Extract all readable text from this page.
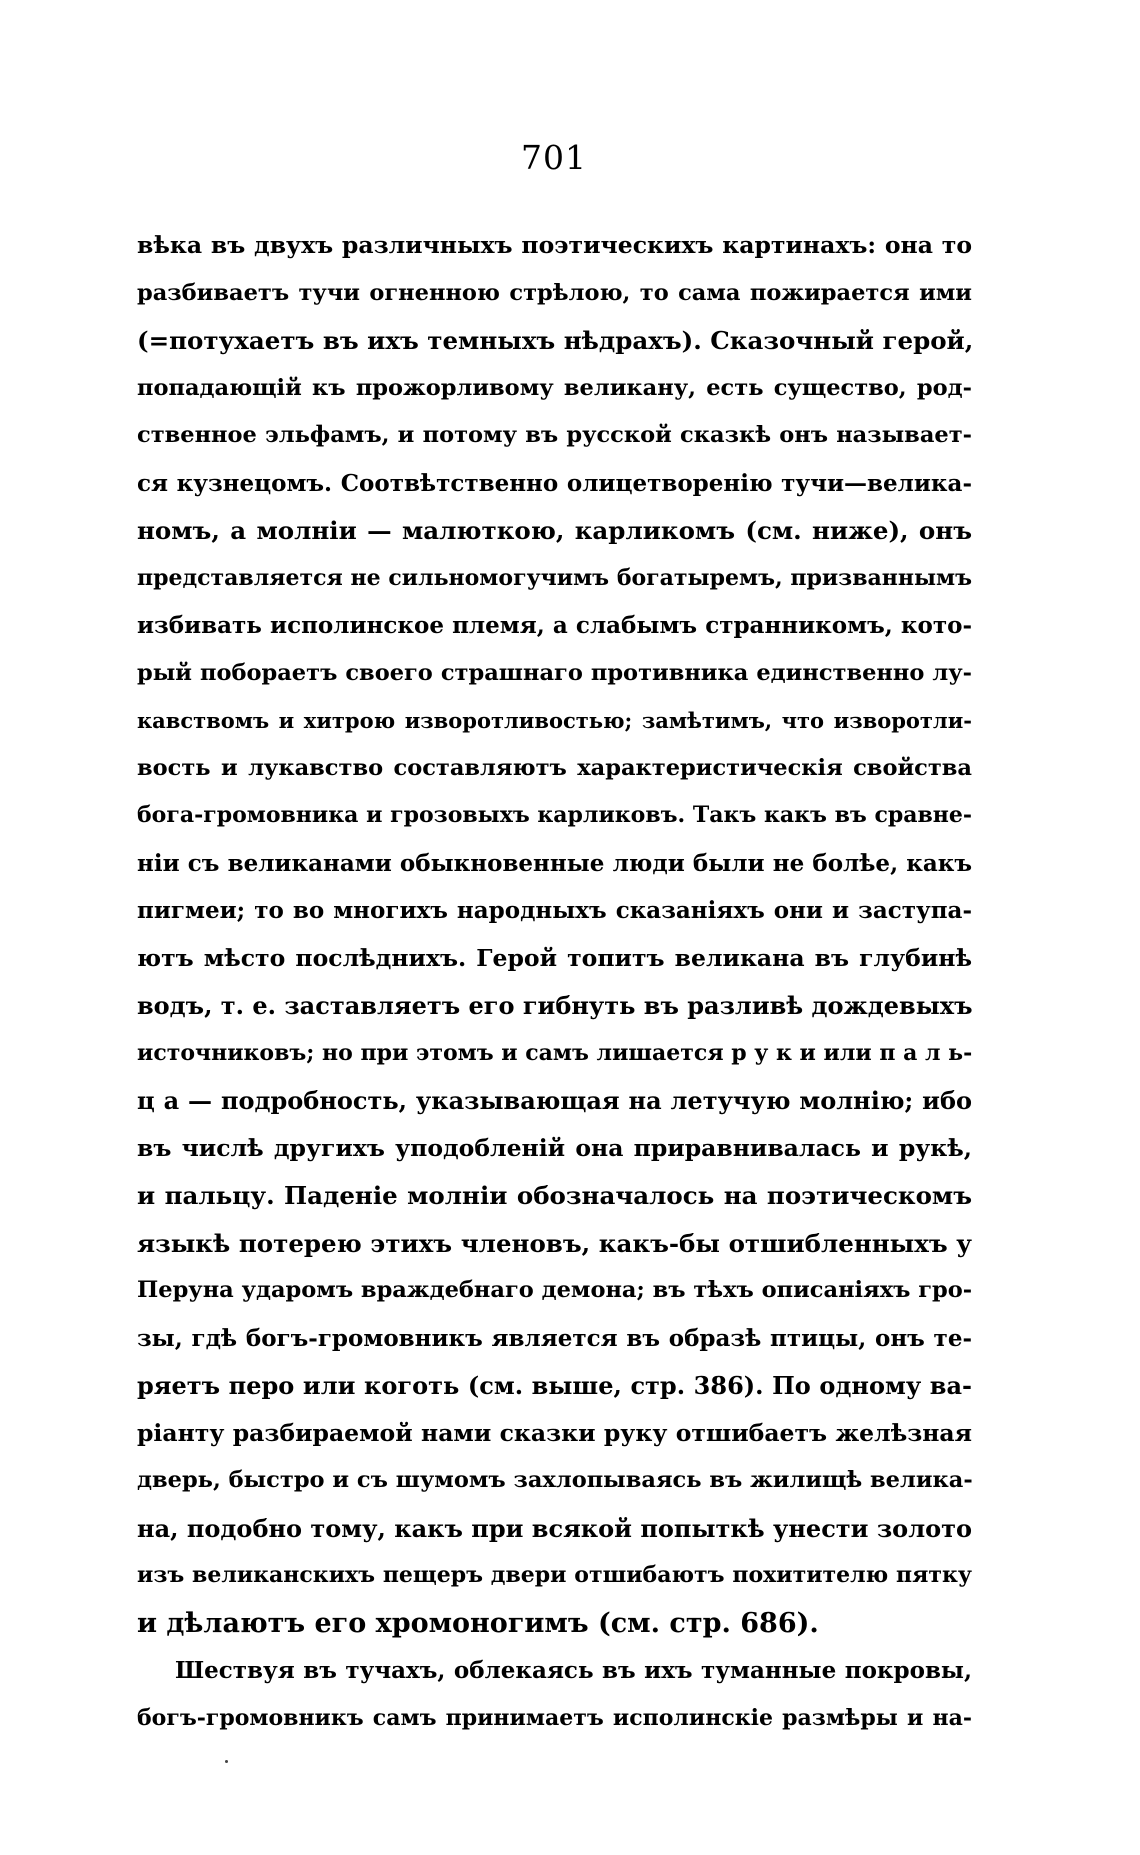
701
вѣка въ двухъ различныхъ поэтическихъ картинахъ: она то
разбиваетъ тучи огненною стрѣлою, то сама пожирается ими
(=потухаетъ въ ихъ темныхъ нѣдрахъ). Сказочный герой,
попадающій къ прожорливому великану, есть существо, род-
ственное эльфамъ, и потому въ русской сказкѣ онъ называет-
ся кузнецомъ. Соотвѣтственно олицетворенію тучи—велика-
номъ, а молніи — малюткою, карликомъ (см. ниже), онъ
представляется не сильномогучимъ богатыремъ, призваннымъ
избивать исполинское племя, а слабымъ странникомъ, кото-
рый побораетъ своего страшнаго противника единственно лу-
кавствомъ и хитрою изворотливостью; замѣтимъ, что изворотли-
вость и лукавство составляютъ характеристическія свойства
бога-громовника и грозовыхъ карликовъ. Такъ какъ въ сравне-
ніи съ великанами обыкновенные люди были не болѣе, какъ
пигмеи; то во многихъ народныхъ сказаніяхъ они и заступа-
ютъ мѣсто послѣднихъ. Герой топитъ великана въ глубинѣ
водъ, т. е. заставляетъ его гибнуть въ разливѣ дождевыхъ
источниковъ; но при этомъ и самъ лишается р у к и или п а л ь-
ц а — подробность, указывающая на летучую молнію; ибо
въ числѣ другихъ уподобленій она приравнивалась и рукѣ,
и пальцу. Паденіе молніи обозначалось на поэтическомъ
языкѣ потерею этихъ членовъ, какъ-бы отшибленныхъ у
Перуна ударомъ враждебнаго демона; въ тѣхъ описаніяхъ гро-
зы, гдѣ богъ-громовникъ является въ образѣ птицы, онъ те-
ряетъ перо или коготь (см. выше, стр. 386). По одному ва-
ріанту разбираемой нами сказки руку отшибаетъ желѣзная
дверь, быстро и съ шумомъ захлопываясь въ жилищѣ велика-
на, подобно тому, какъ при всякой попыткѣ унести золото
изъ великанскихъ пещеръ двери отшибаютъ похитителю пятку
и дѣлаютъ его хромоногимъ (см. стр. 686).
Шествуя въ тучахъ, облекаясь въ ихъ туманные покровы,
богъ-громовникъ самъ принимаетъ исполинскіе размѣры и на-
